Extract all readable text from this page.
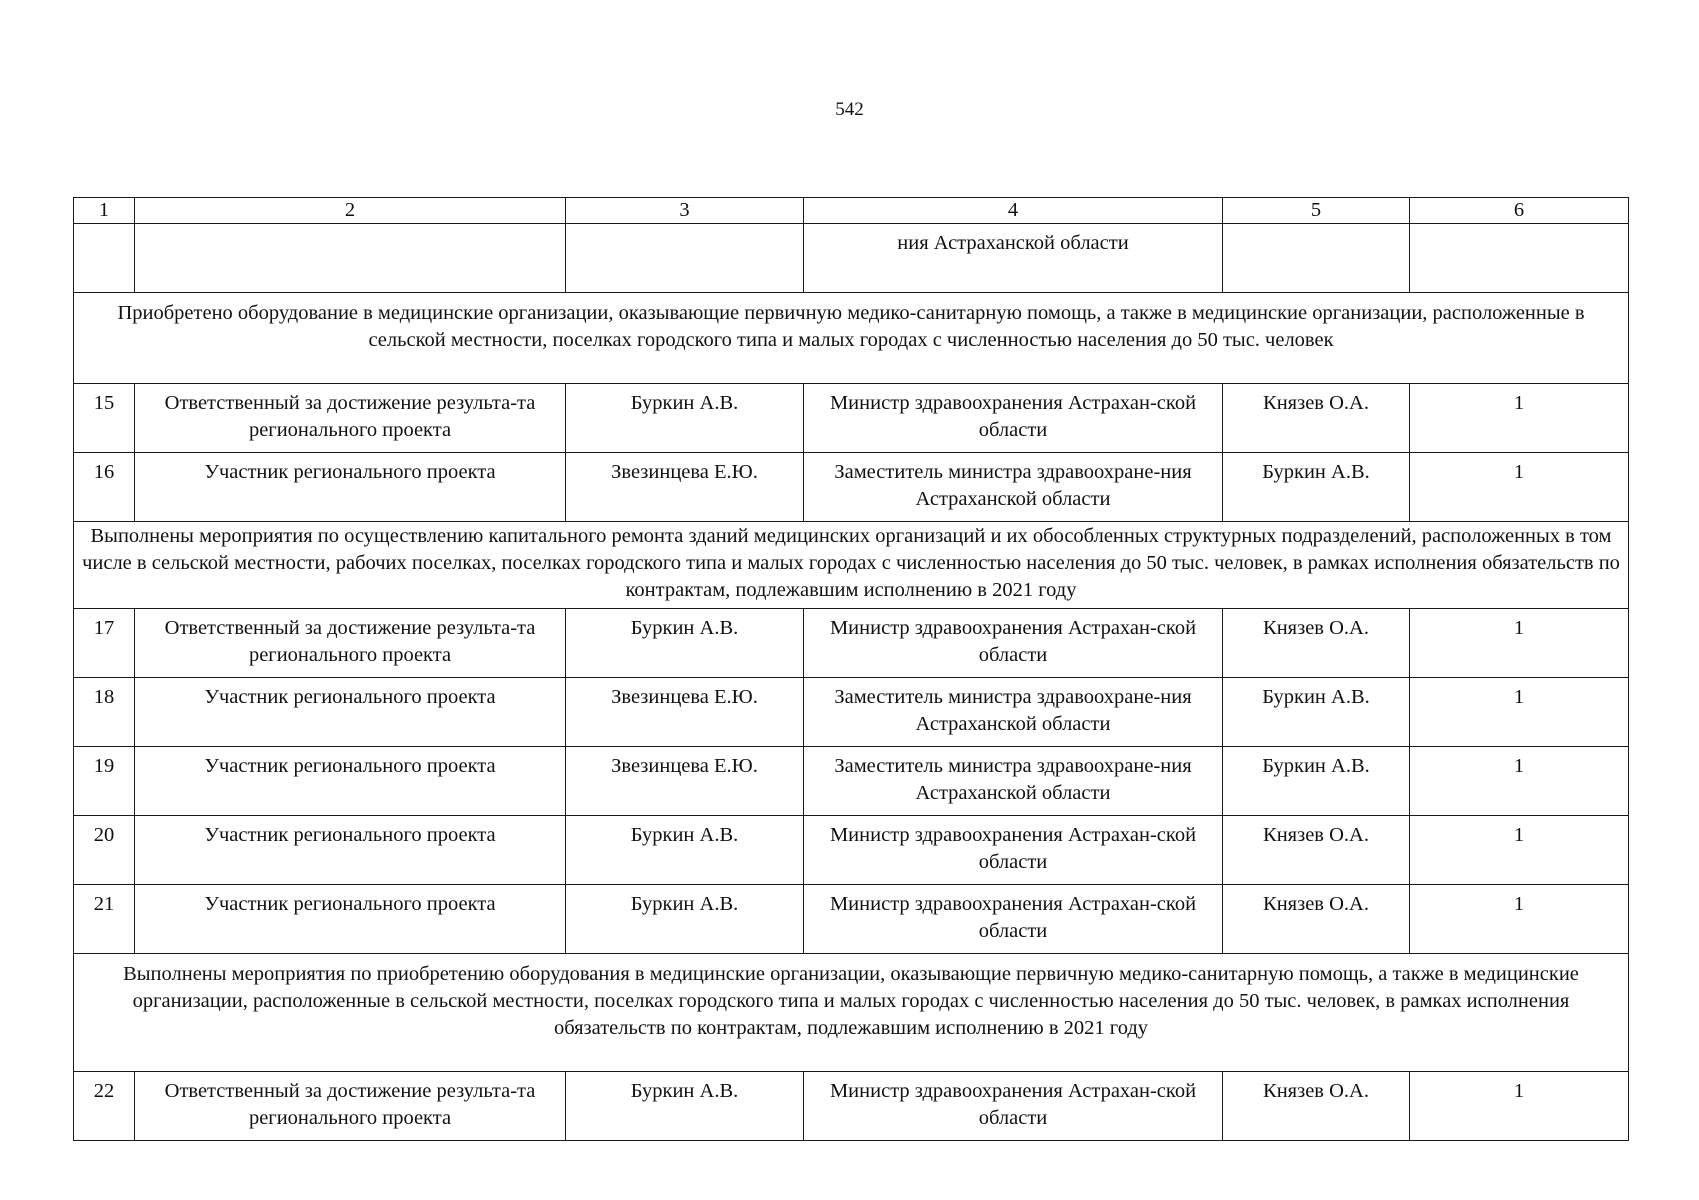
542
1	2	3	4	5	6
			ния Астраханской области		
Приобретено оборудование в медицинские организации, оказывающие первичную медико-санитарную помощь, а также в медицинские организации, расположенные в сельской местности, поселках городского типа и малых городах с численностью населения до 50 тыс. человек					
15	Ответственный за достижение результа-та регионального проекта	Буркин А.В.	Министр здравоохранения Астрахан-ской области	Князев О.А.	1
16	Участник регионального проекта	Звезинцева Е.Ю.	Заместитель министра здравоохране-ния Астраханской области	Буркин А.В.	1
Выполнены мероприятия по осуществлению капитального ремонта зданий медицинских организаций и их обособленных структурных подразделений, расположенных в том числе в сельской местности, рабочих поселках, поселках городского типа и малых городах с численностью населения до 50 тыс. человек, в рамках исполнения обязательств по контрактам, подлежавшим исполнению в 2021 году					
17	Ответственный за достижение результа-та регионального проекта	Буркин А.В.	Министр здравоохранения Астрахан-ской области	Князев О.А.	1
18	Участник регионального проекта	Звезинцева Е.Ю.	Заместитель министра здравоохране-ния Астраханской области	Буркин А.В.	1
19	Участник регионального проекта	Звезинцева Е.Ю.	Заместитель министра здравоохране-ния Астраханской области	Буркин А.В.	1
20	Участник регионального проекта	Буркин А.В.	Министр здравоохранения Астрахан-ской области	Князев О.А.	1
21	Участник регионального проекта	Буркин А.В.	Министр здравоохранения Астрахан-ской области	Князев О.А.	1
Выполнены мероприятия по приобретению оборудования в медицинские организации, оказывающие первичную медико-санитарную помощь, а также в медицинские организации, расположенные в сельской местности, поселках городского типа и малых городах с численностью населения до 50 тыс. человек, в рамках исполнения обязательств по контрактам, подлежавшим исполнению в 2021 году					
22	Ответственный за достижение результа-та регионального проекта	Буркин А.В.	Министр здравоохранения Астрахан-ской области	Князев О.А.	1
